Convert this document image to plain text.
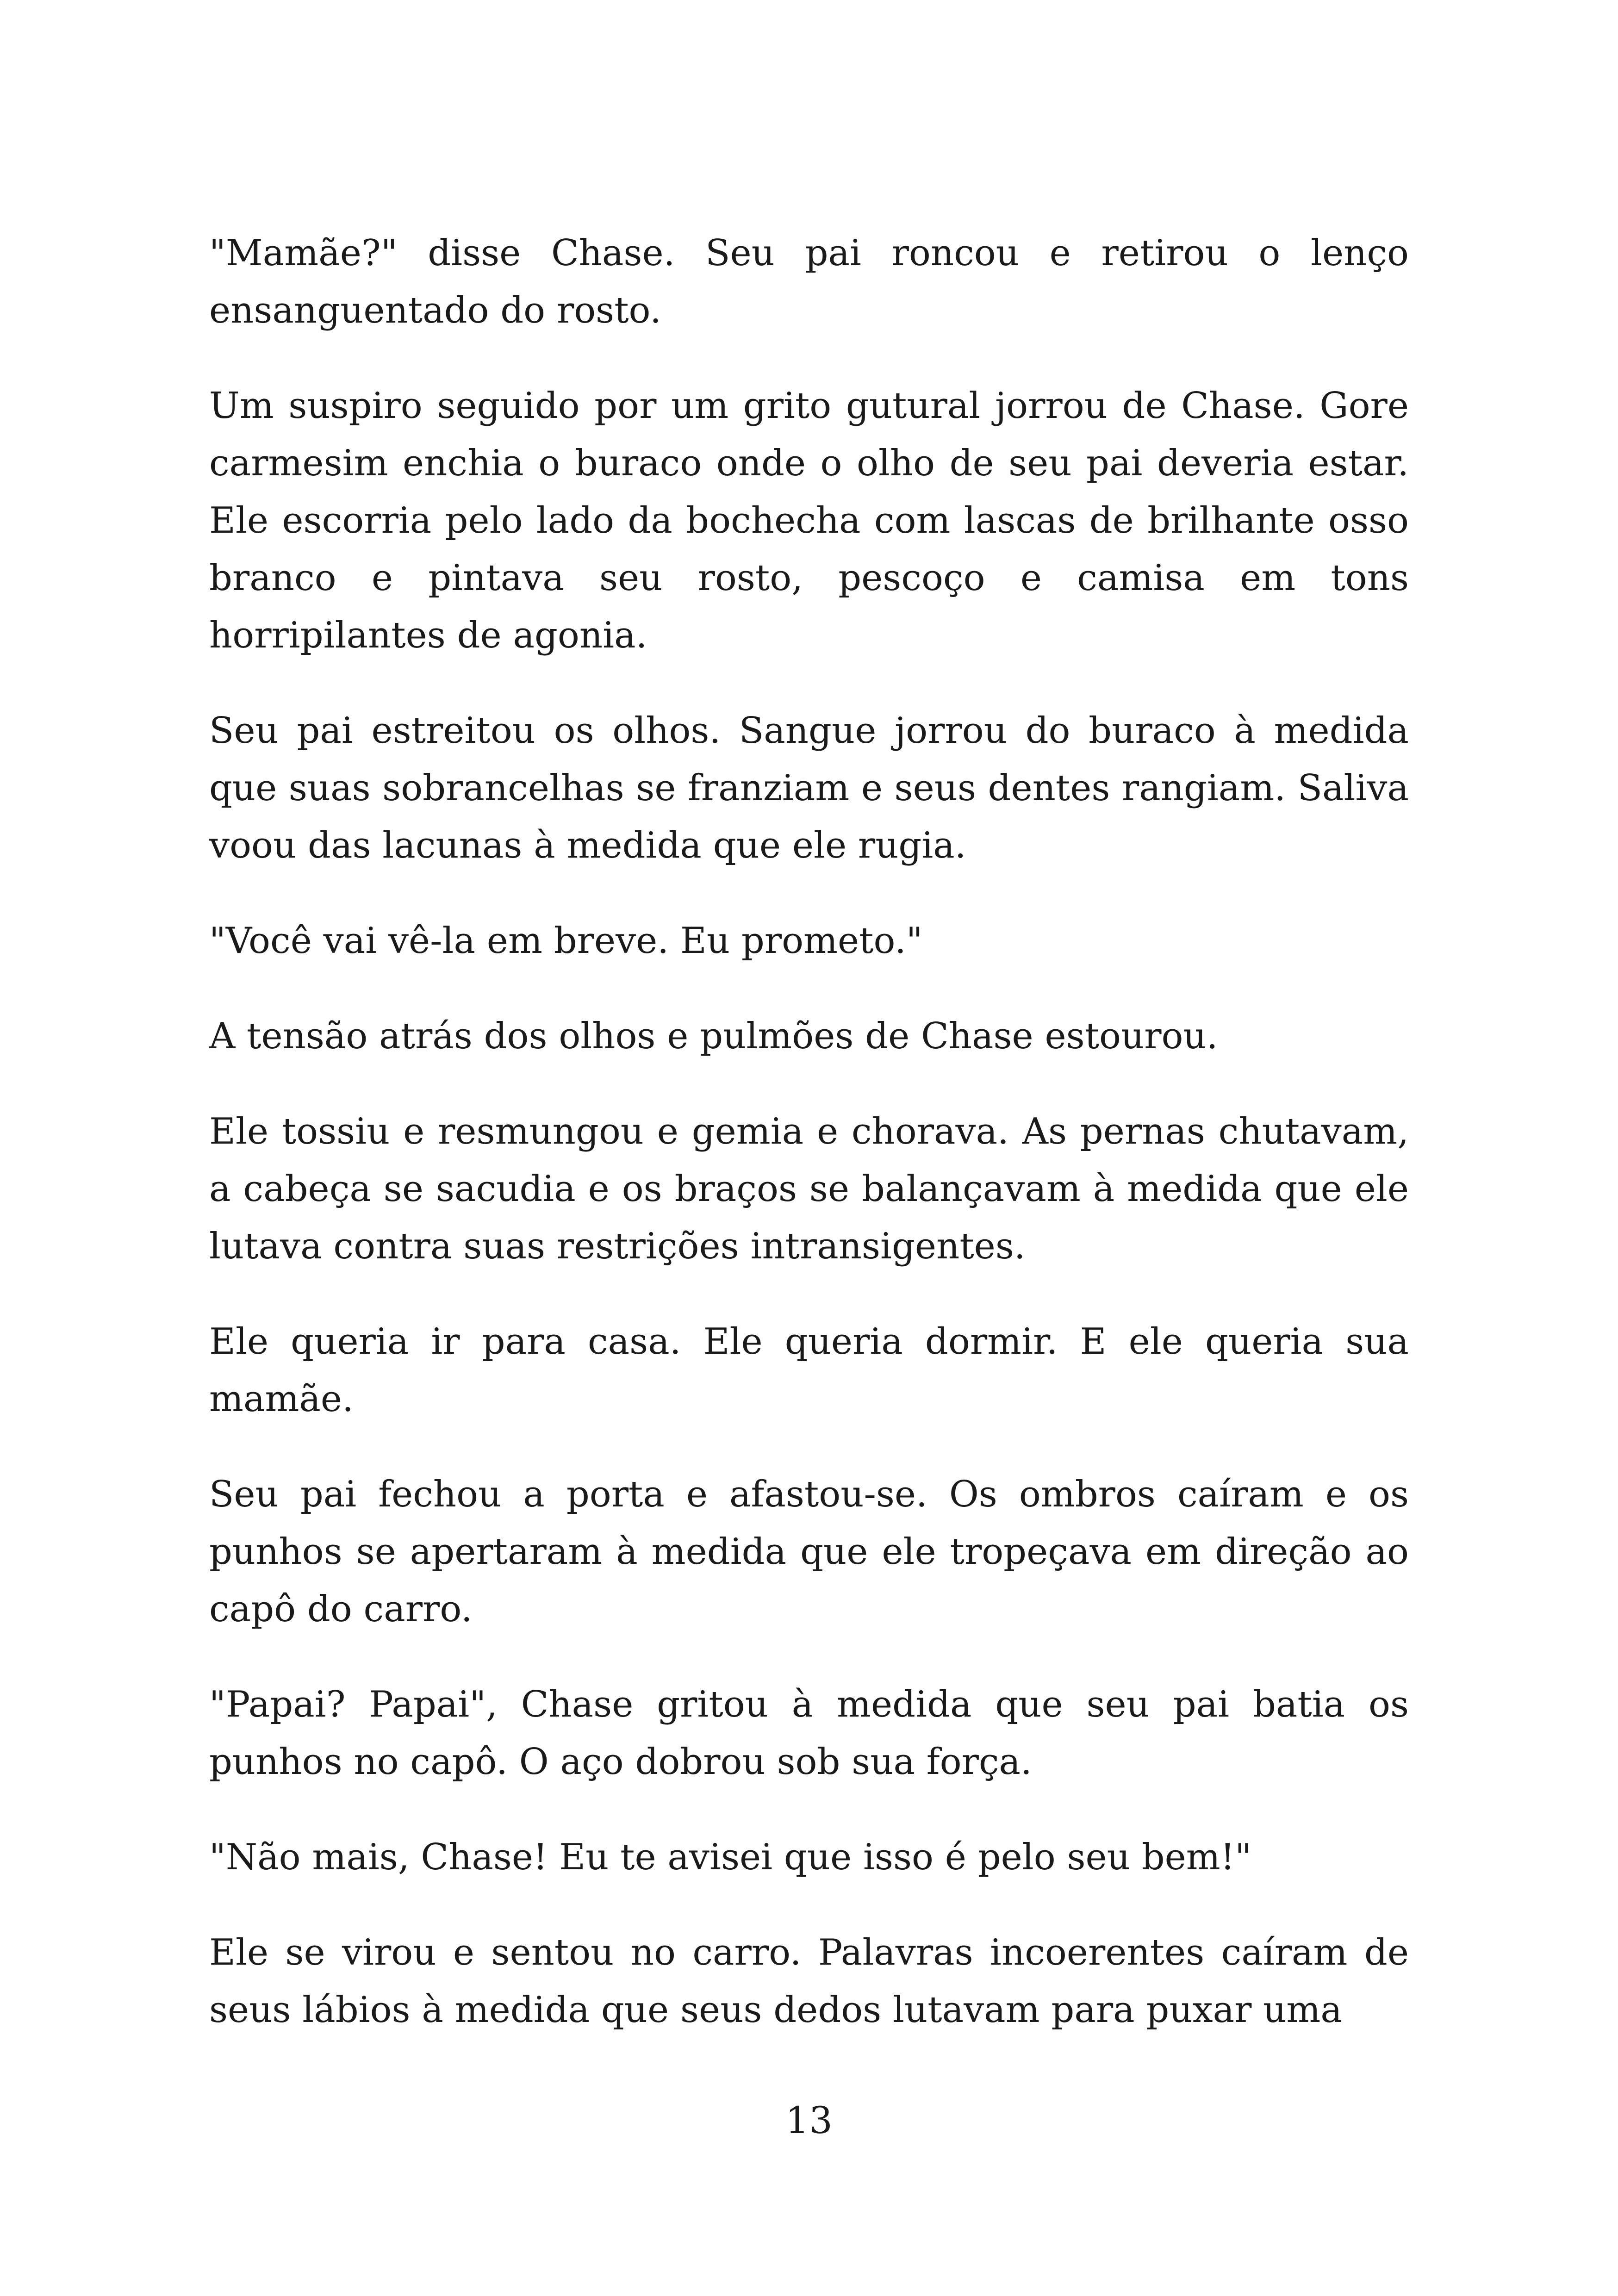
"Mamãe?" disse Chase. Seu pai roncou e retirou o lenço ensanguentado do rosto.

Um suspiro seguido por um grito gutural jorrou de Chase. Gore carmesim enchia o buraco onde o olho de seu pai deveria estar. Ele escorria pelo lado da bochecha com lascas de brilhante osso branco e pintava seu rosto, pescoço e camisa em tons horripilantes de agonia.

Seu pai estreitou os olhos. Sangue jorrou do buraco à medida que suas sobrancelhas se franziam e seus dentes rangiam. Saliva voou das lacunas à medida que ele rugia.

"Você vai vê-la em breve. Eu prometo."

A tensão atrás dos olhos e pulmões de Chase estourou.

Ele tossiu e resmungou e gemia e chorava. As pernas chutavam, a cabeça se sacudia e os braços se balançavam à medida que ele lutava contra suas restrições intransigentes.

Ele queria ir para casa. Ele queria dormir. E ele queria sua mamãe.

Seu pai fechou a porta e afastou-se. Os ombros caíram e os punhos se apertaram à medida que ele tropeçava em direção ao capô do carro.

"Papai? Papai", Chase gritou à medida que seu pai batia os punhos no capô. O aço dobrou sob sua força.

"Não mais, Chase! Eu te avisei que isso é pelo seu bem!"

Ele se virou e sentou no carro. Palavras incoerentes caíram de seus lábios à medida que seus dedos lutavam para puxar uma

13
